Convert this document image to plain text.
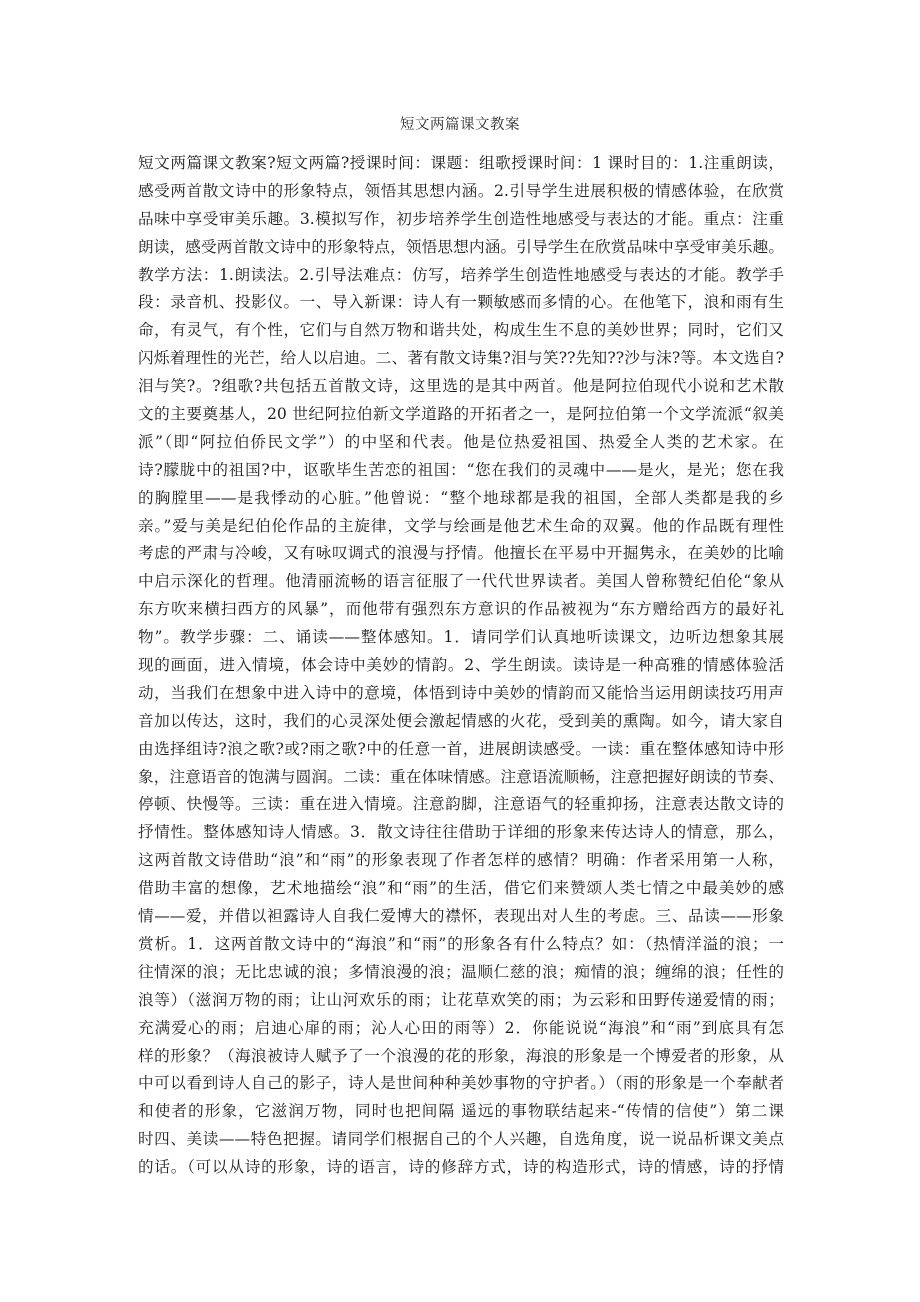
短文两篇课文教案
短文两篇课文教案?短文两篇?授课时间：课题：组歌授课时间：1 课时目的：1.注重朗读，
感受两首散文诗中的形象特点，领悟其思想内涵。2.引导学生进展积极的情感体验，在欣赏
品味中享受审美乐趣。3.模拟写作，初步培养学生创造性地感受与表达的才能。重点：注重
朗读，感受两首散文诗中的形象特点，领悟思想内涵。引导学生在欣赏品味中享受审美乐趣。
教学方法：1.朗读法。2.引导法难点：仿写，培养学生创造性地感受与表达的才能。教学手
段：录音机、投影仪。一、导入新课：诗人有一颗敏感而多情的心。在他笔下，浪和雨有生
命，有灵气，有个性，它们与自然万物和谐共处，构成生生不息的美妙世界；同时，它们又
闪烁着理性的光芒，给人以启迪。二、著有散文诗集?泪与笑??先知??沙与沫?等。本文选自?
泪与笑?。?组歌?共包括五首散文诗，这里选的是其中两首。他是阿拉伯现代小说和艺术散
文的主要奠基人，20 世纪阿拉伯新文学道路的开拓者之一，是阿拉伯第一个文学流派“叙美
派”（即“阿拉伯侨民文学”）的中坚和代表。他是位热爱祖国、热爱全人类的艺术家。在
诗?朦胧中的祖国?中，讴歌毕生苦恋的祖国：“您在我们的灵魂中——是火，是光；您在我
的胸膛里——是我悸动的心脏。”他曾说：“整个地球都是我的祖国，全部人类都是我的乡
亲。”爱与美是纪伯伦作品的主旋律，文学与绘画是他艺术生命的双翼。他的作品既有理性
考虑的严肃与冷峻，又有咏叹调式的浪漫与抒情。他擅长在平易中开掘隽永，在美妙的比喻
中启示深化的哲理。他清丽流畅的语言征服了一代代世界读者。美国人曾称赞纪伯伦“象从
东方吹来横扫西方的风暴”，而他带有强烈东方意识的作品被视为“东方赠给西方的最好礼
物”。教学步骤：二、诵读——整体感知。1．请同学们认真地听读课文，边听边想象其展
现的画面，进入情境，体会诗中美妙的情韵。2、学生朗读。读诗是一种高雅的情感体验活
动，当我们在想象中进入诗中的意境，体悟到诗中美妙的情韵而又能恰当运用朗读技巧用声
音加以传达，这时，我们的心灵深处便会激起情感的火花，受到美的熏陶。如今，请大家自
由选择组诗?浪之歌?或?雨之歌?中的任意一首，进展朗读感受。一读：重在整体感知诗中形
象，注意语音的饱满与圆润。二读：重在体味情感。注意语流顺畅，注意把握好朗读的节奏、
停顿、快慢等。三读：重在进入情境。注意韵脚，注意语气的轻重抑扬，注意表达散文诗的
抒情性。整体感知诗人情感。3．散文诗往往借助于详细的形象来传达诗人的情意，那么，
这两首散文诗借助“浪”和“雨”的形象表现了作者怎样的感情？明确：作者采用第一人称，
借助丰富的想像，艺术地描绘“浪”和“雨”的生活，借它们来赞颂人类七情之中最美妙的感
情——爱，并借以袒露诗人自我仁爱博大的襟怀，表现出对人生的考虑。三、品读——形象
赏析。1．这两首散文诗中的“海浪”和“雨”的形象各有什么特点？如：（热情洋溢的浪；一
往情深的浪；无比忠诚的浪；多情浪漫的浪；温顺仁慈的浪；痴情的浪；缠绵的浪；任性的
浪等）（滋润万物的雨；让山河欢乐的雨；让花草欢笑的雨；为云彩和田野传递爱情的雨；
充满爱心的雨；启迪心扉的雨；沁人心田的雨等）2．你能说说“海浪”和“雨”到底具有怎
样的形象？（海浪被诗人赋予了一个浪漫的花的形象，海浪的形象是一个博爱者的形象，从
中可以看到诗人自己的影子，诗人是世间种种美妙事物的守护者。）（雨的形象是一个奉献者
和使者的形象，它滋润万物，同时也把间隔 遥远的事物联结起来-“传情的信使”）第二课
时四、美读——特色把握。请同学们根据自己的个人兴趣，自选角度，说一说品析课文美点
的话。（可以从诗的形象，诗的语言，诗的修辞方式，诗的构造形式，诗的情感，诗的抒情
